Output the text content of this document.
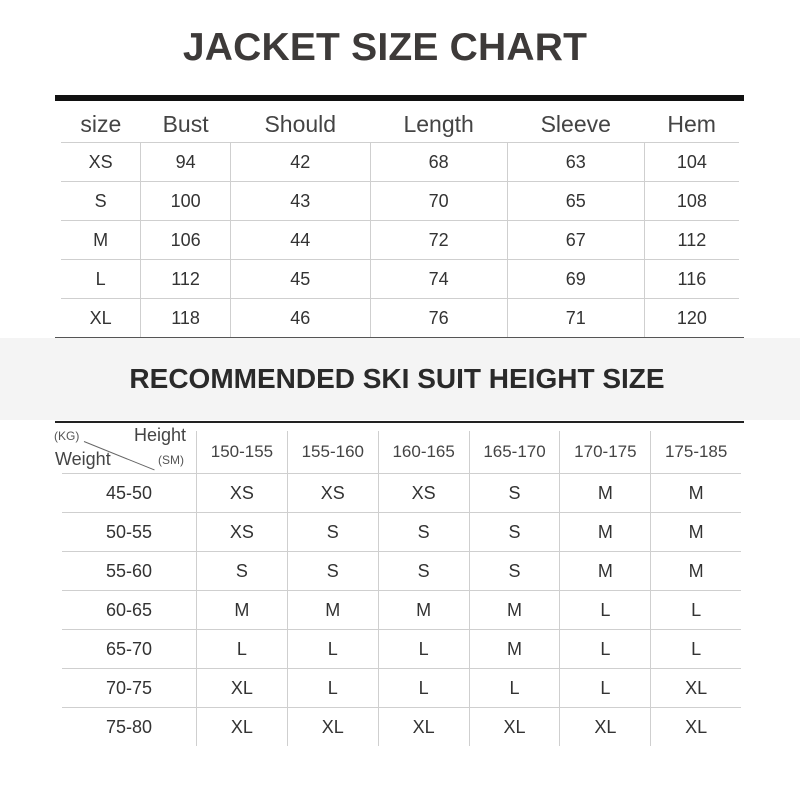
JACKET SIZE CHART
size	Bust	Should	Length	Sleeve	Hem
XS	94	42	68	63	104
S	100	43	70	65	108
M	106	44	72	67	112
L	112	45	74	69	116
XL	118	46	76	71	120
RECOMMENDED SKI SUIT HEIGHT SIZE
(KG) Height
Weight (SM)	150-155	155-160	160-165	165-170	170-175	175-185
45-50	XS	XS	XS	S	M	M
50-55	XS	S	S	S	M	M
55-60	S	S	S	S	M	M
60-65	M	M	M	M	L	L
65-70	L	L	L	M	L	L
70-75	XL	L	L	L	L	XL
75-80	XL	XL	XL	XL	XL	XL
